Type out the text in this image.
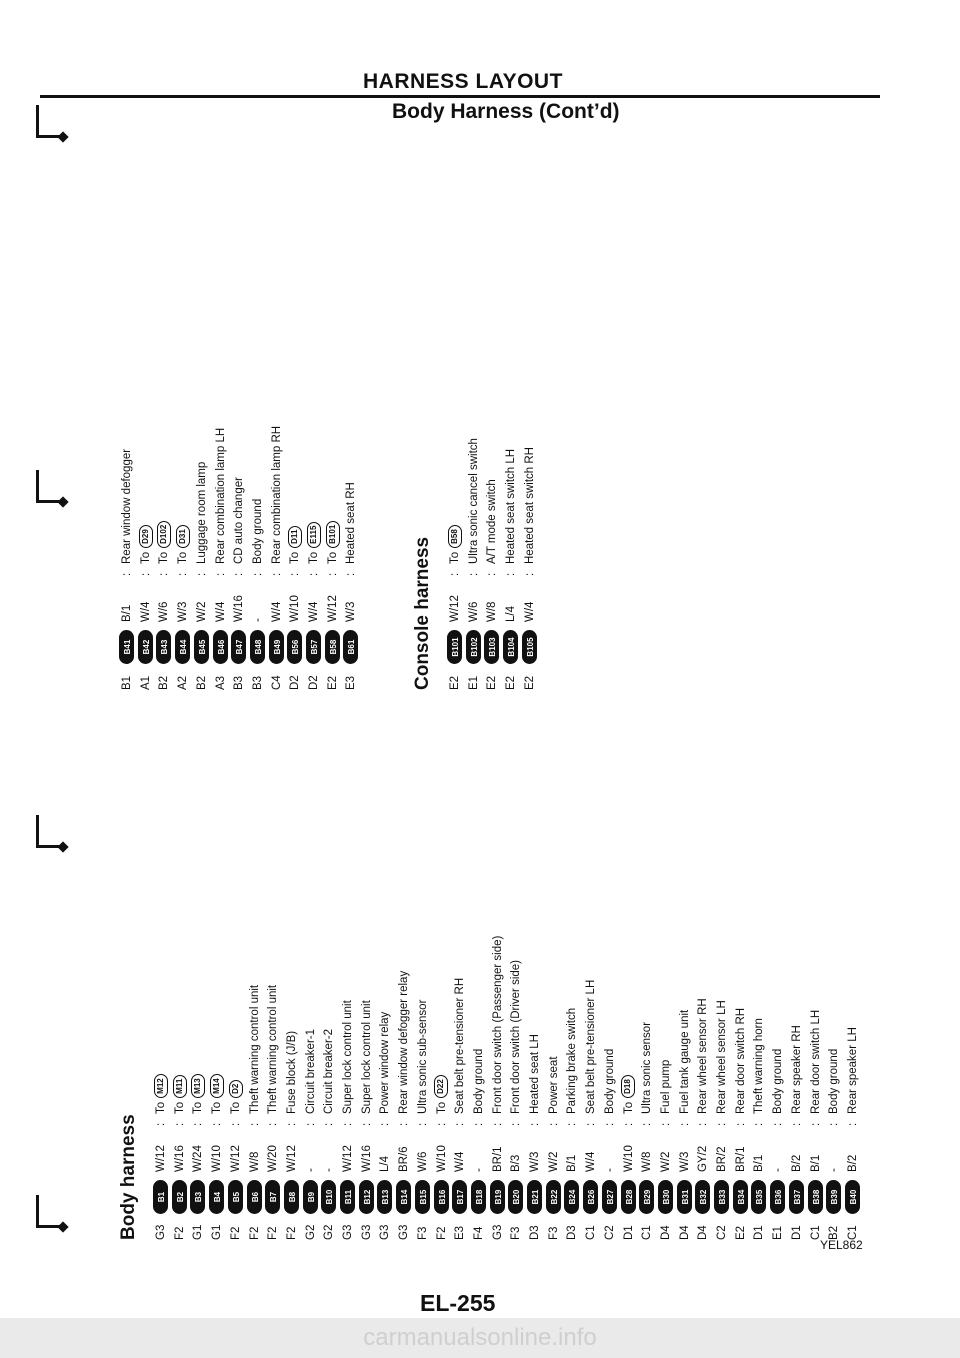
HARNESS LAYOUT
Body Harness (Cont’d)
Body harness G3
B1
W/12
:
ToM12
F2
B2
W/16
:
ToM11
G1
B3
W/24
:
ToM13
G1
B4
W/10
:
ToM14
F2
B5
W/12
:
ToD2
F2
B6
W/8
:
Theft warning control unit
F2
B7
W/20
:
Theft warning control unit
F2
B8
W/12
:
Fuse block (J/B)
G2
B9
-
:
Circuit breaker-1
G2
B10
-
:
Circuit breaker-2
G3
B11
W/12
:
Super lock control unit
G3
B12
W/16
:
Super lock control unit
G3
B13
L/4
:
Power window relay
G3
B14
BR/6
:
Rear window defogger relay
F3
B15
W/6
:
Ultra sonic sub-sensor
F2
B16
W/10
:
ToD22
E3
B17
W/4
:
Seat belt pre-tensioner RH
F4
B18
-
:
Body ground
G3
B19
BR/1
:
Front door switch (Passenger side)
F3
B20
B/3
:
Front door switch (Driver side)
D3
B21
W/3
:
Heated seat LH
F3
B22
W/2
:
Power seat
D3
B24
B/1
:
Parking brake switch
C1
B26
W/4
:
Seat belt pre-tensioner LH
C2
B27
-
:
Body ground
D1
B28
W/10
:
ToD18
C1
B29
W/8
:
Ultra sonic sensor
D4
B30
W/2
:
Fuel pump
D4
B31
W/3
:
Fuel tank gauge unit
D4
B32
GY/2
:
Rear wheel sensor RH
C2
B33
BR/2
:
Rear wheel sensor LH
E2
B34
BR/1
:
Rear door switch RH
D1
B35
B/1
:
Theft warning horn
E1
B36
-
:
Body ground
D1
B37
B/2
:
Rear speaker RH
C1
B38
B/1
:
Rear door switch LH
B2
B39
-
:
Body ground
C1
B40
B/2
:
Rear speaker LH
B1
B41
B/1
:
Rear window defogger
A1
B42
W/4
:
ToD29
B2
B43
W/6
:
ToD102
A2
B44
W/3
:
ToD31
B2
B45
W/2
:
Luggage room lamp
A3
B46
W/4
:
Rear combination lamp LH
B3
B47
W/16
:
CD auto changer
B3
B48
-
:
Body ground
C4
B49
W/4
:
Rear combination lamp RH
D2
B56
W/10
:
ToD11
D2
B57
W/4
:
ToE115
E2
B58
W/12
:
ToB101
E3
B61
W/3
:
Heated seat RH
Console harness E2
B101
W/12
:
ToB58
E1
B102
W/6
:
Ultra sonic cancel switch
E2
B103
W/8
:
A/T mode switch
E2
B104
L/4
:
Heated seat switch LH
E2
B105
W/4
:
Heated seat switch RH
YEL862
EL-255
carmanualsonline.info
